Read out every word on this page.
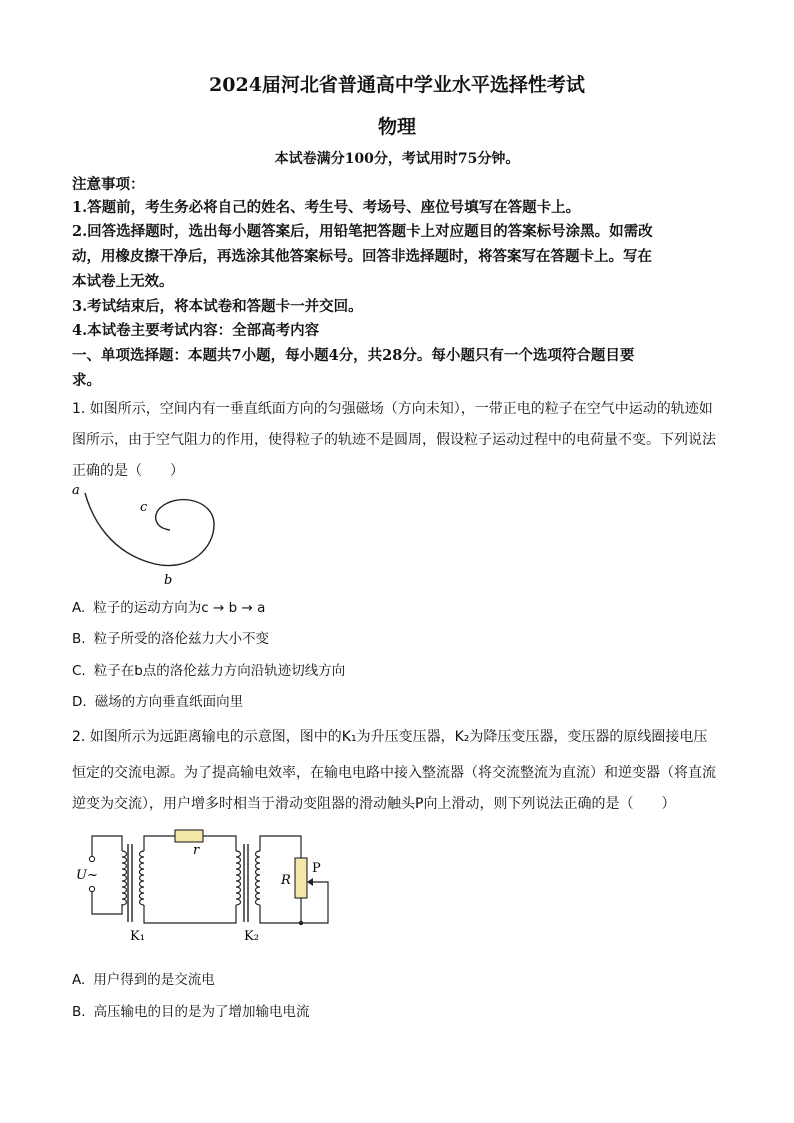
2024届河北省普通高中学业水平选择性考试
物理
本试卷满分100分，考试用时75分钟。
注意事项：
1.答题前，考生务必将自己的姓名、考生号、考场号、座位号填写在答题卡上。
2.回答选择题时，选出每小题答案后，用铅笔把答题卡上对应题目的答案标号涂黑。如需改
动，用橡皮擦干净后，再选涂其他答案标号。回答非选择题时，将答案写在答题卡上。写在
本试卷上无效。
3.考试结束后，将本试卷和答题卡一并交回。
4.本试卷主要考试内容：全部高考内容
一、单项选择题：本题共7小题，每小题4分，共28分。每小题只有一个选项符合题目要
求。
1. 如图所示，空间内有一垂直纸面方向的匀强磁场（方向未知），一带正电的粒子在空气中运动的轨迹如
图所示，由于空气阻力的作用，使得粒子的轨迹不是圆周，假设粒子运动过程中的电荷量不变。下列说法
正确的是（　　）
a
c
b
A. 粒子的运动方向为c → b → a
B. 粒子所受的洛伦兹力大小不变
C. 粒子在b点的洛伦兹力方向沿轨迹切线方向
D. 磁场的方向垂直纸面向里
2. 如图所示为远距离输电的示意图，图中的K₁为升压变压器，K₂为降压变压器，变压器的原线圈接电压
恒定的交流电源。为了提高输电效率，在输电电路中接入整流器（将交流整流为直流）和逆变器（将直流
逆变为交流），用户增多时相当于滑动变阻器的滑动触头P向上滑动，则下列说法正确的是（　　）
U~
r
R
P
K₁	K₂
A. 用户得到的是交流电
B. 高压输电的目的是为了增加输电电流
